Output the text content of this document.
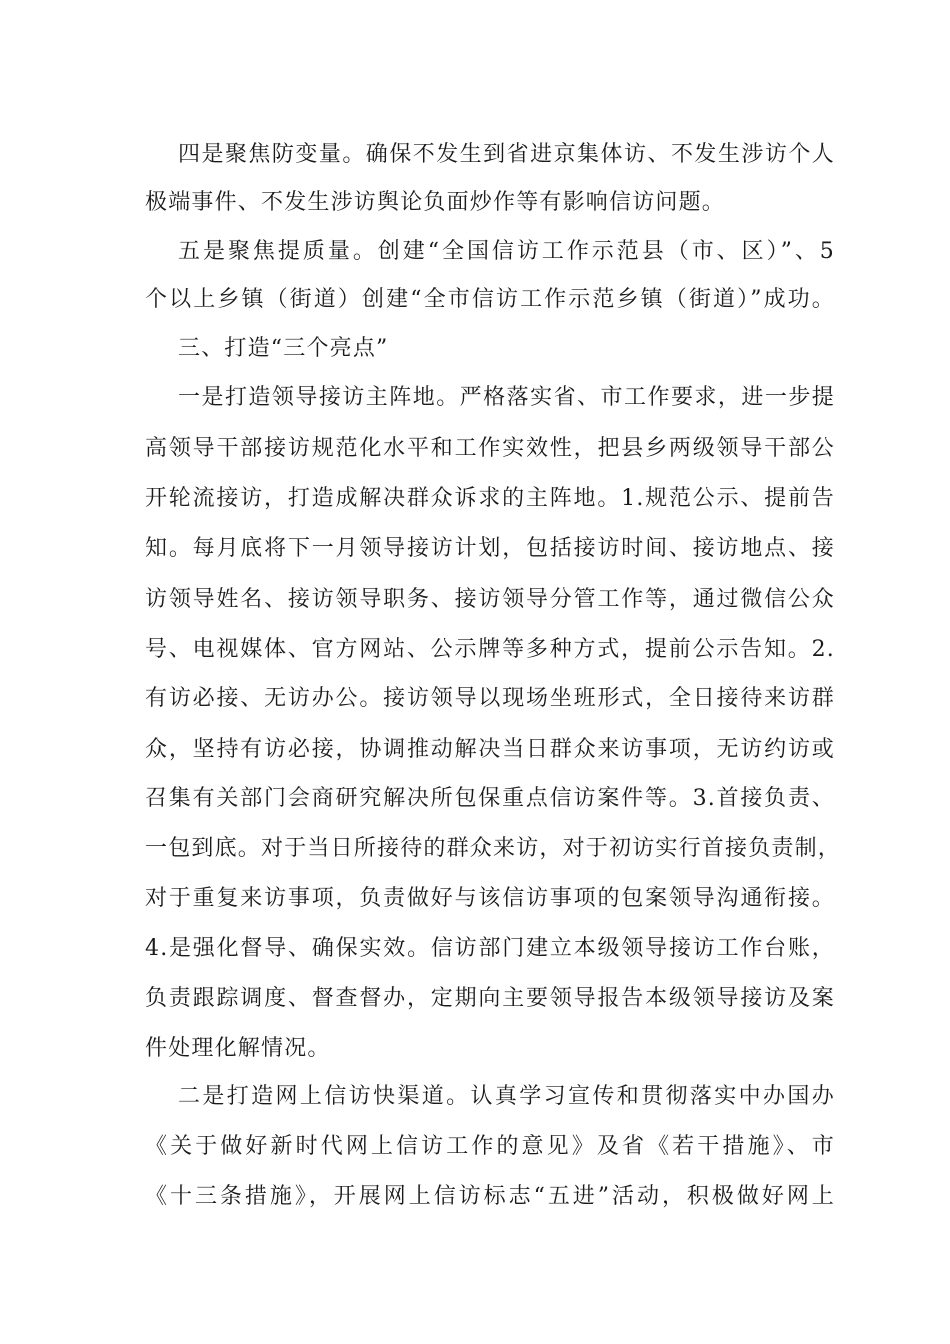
四是聚焦防变量。确保不发生到省进京集体访、不发生涉访个人
极端事件、不发生涉访舆论负面炒作等有影响信访问题。
五是聚焦提质量。创建“全国信访工作示范县（市、区）”、5
个以上乡镇（街道）创建“全市信访工作示范乡镇（街道）”成功。
三、打造“三个亮点”
一是打造领导接访主阵地。严格落实省、市工作要求，进一步提
高领导干部接访规范化水平和工作实效性，把县乡两级领导干部公
开轮流接访，打造成解决群众诉求的主阵地。1.规范公示、提前告
知。每月底将下一月领导接访计划，包括接访时间、接访地点、接
访领导姓名、接访领导职务、接访领导分管工作等，通过微信公众
号、电视媒体、官方网站、公示牌等多种方式，提前公示告知。2.
有访必接、无访办公。接访领导以现场坐班形式，全日接待来访群
众，坚持有访必接，协调推动解决当日群众来访事项，无访约访或
召集有关部门会商研究解决所包保重点信访案件等。3.首接负责、
一包到底。对于当日所接待的群众来访，对于初访实行首接负责制，
对于重复来访事项，负责做好与该信访事项的包案领导沟通衔接。
4.是强化督导、确保实效。信访部门建立本级领导接访工作台账，
负责跟踪调度、督查督办，定期向主要领导报告本级领导接访及案
件处理化解情况。
二是打造网上信访快渠道。认真学习宣传和贯彻落实中办国办
《关于做好新时代网上信访工作的意见》及省《若干措施》、市
《十三条措施》，开展网上信访标志“五进”活动，积极做好网上
